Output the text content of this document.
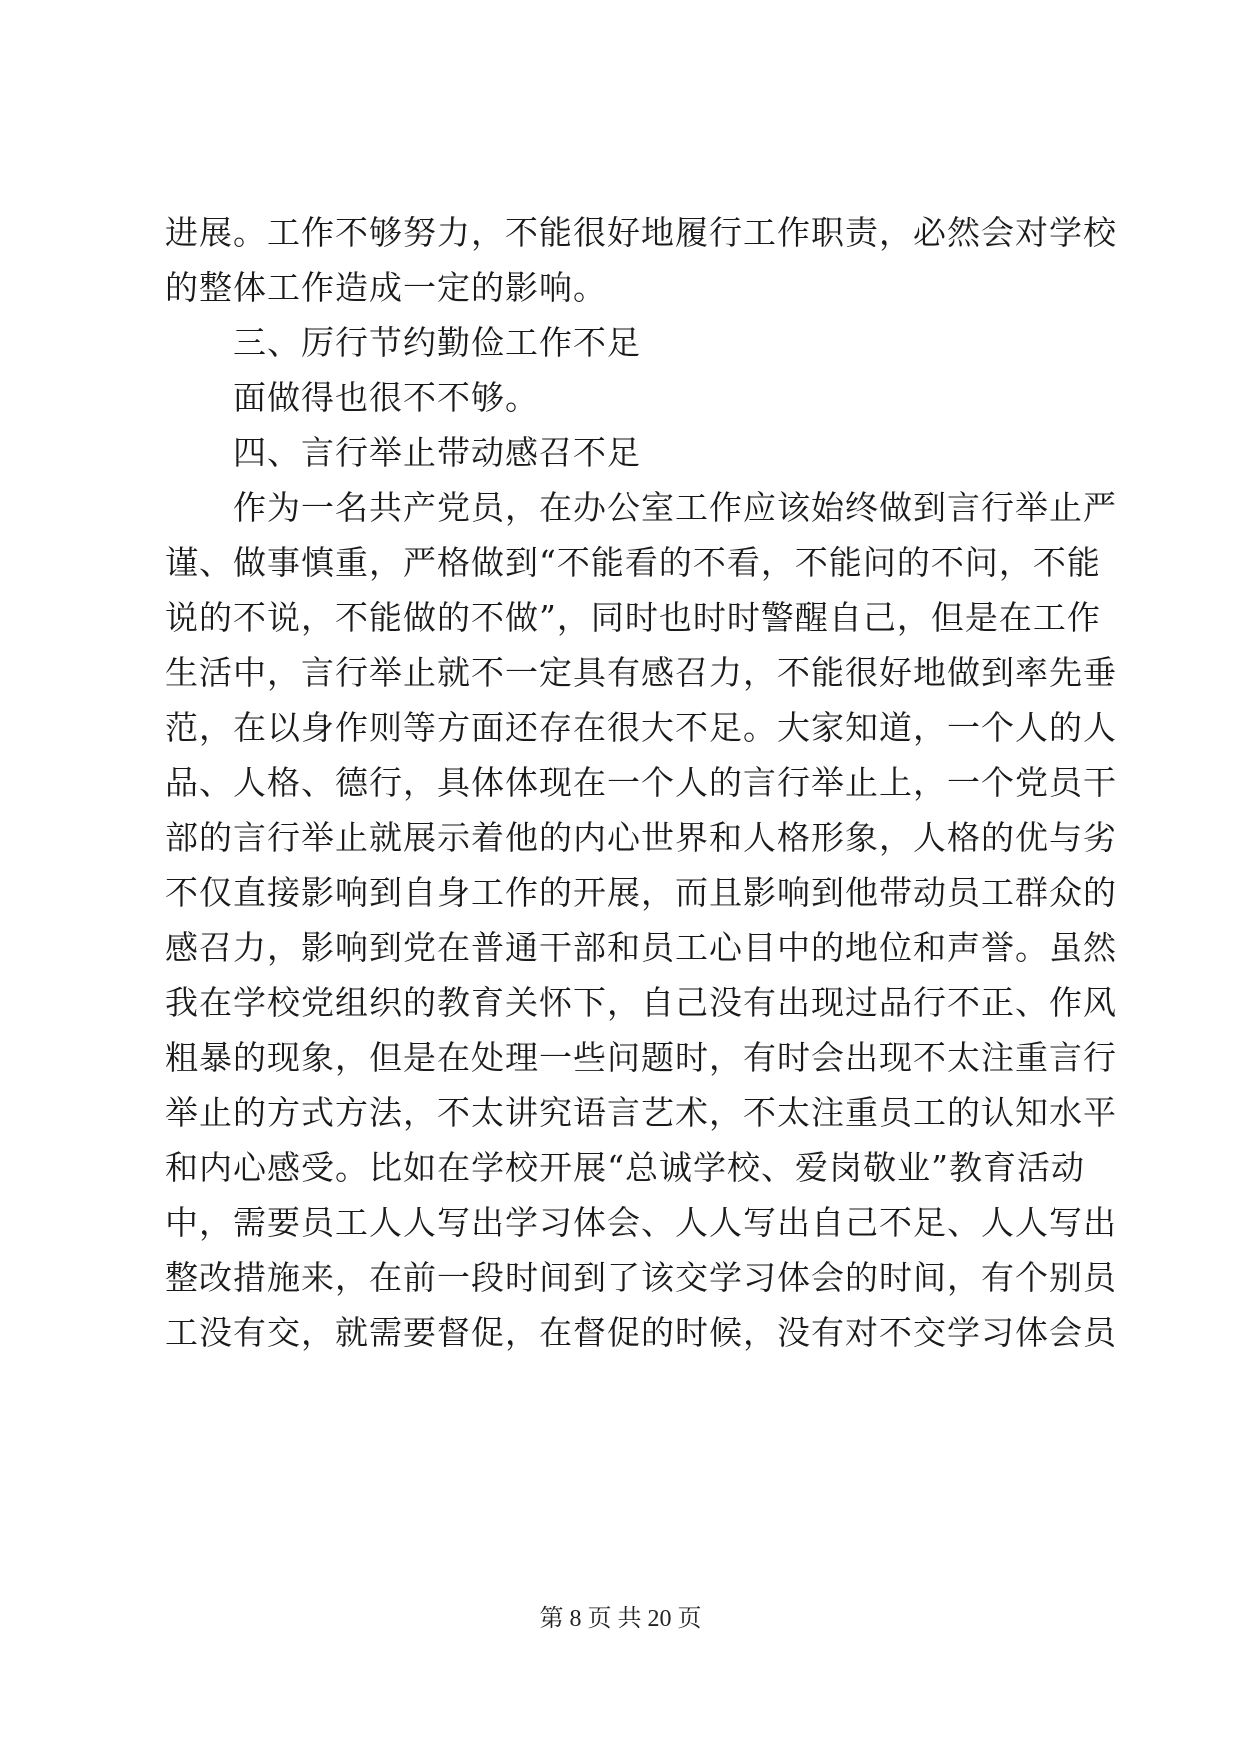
进展。工作不够努力，不能很好地履行工作职责，必然会对学校
的整体工作造成一定的影响。
三、厉行节约勤俭工作不足
面做得也很不不够。
四、言行举止带动感召不足
作为一名共产党员，在办公室工作应该始终做到言行举止严
谨、做事慎重，严格做到“不能看的不看，不能问的不问，不能
说的不说，不能做的不做”，同时也时时警醒自己，但是在工作
生活中，言行举止就不一定具有感召力，不能很好地做到率先垂
范，在以身作则等方面还存在很大不足。大家知道，一个人的人
品、人格、德行，具体体现在一个人的言行举止上，一个党员干
部的言行举止就展示着他的内心世界和人格形象，人格的优与劣
不仅直接影响到自身工作的开展，而且影响到他带动员工群众的
感召力，影响到党在普通干部和员工心目中的地位和声誉。虽然
我在学校党组织的教育关怀下，自己没有出现过品行不正、作风
粗暴的现象，但是在处理一些问题时，有时会出现不太注重言行
举止的方式方法，不太讲究语言艺术，不太注重员工的认知水平
和内心感受。比如在学校开展“总诚学校、爱岗敬业”教育活动
中，需要员工人人写出学习体会、人人写出自己不足、人人写出
整改措施来，在前一段时间到了该交学习体会的时间，有个别员
工没有交，就需要督促，在督促的时候，没有对不交学习体会员
第 8 页 共 20 页
